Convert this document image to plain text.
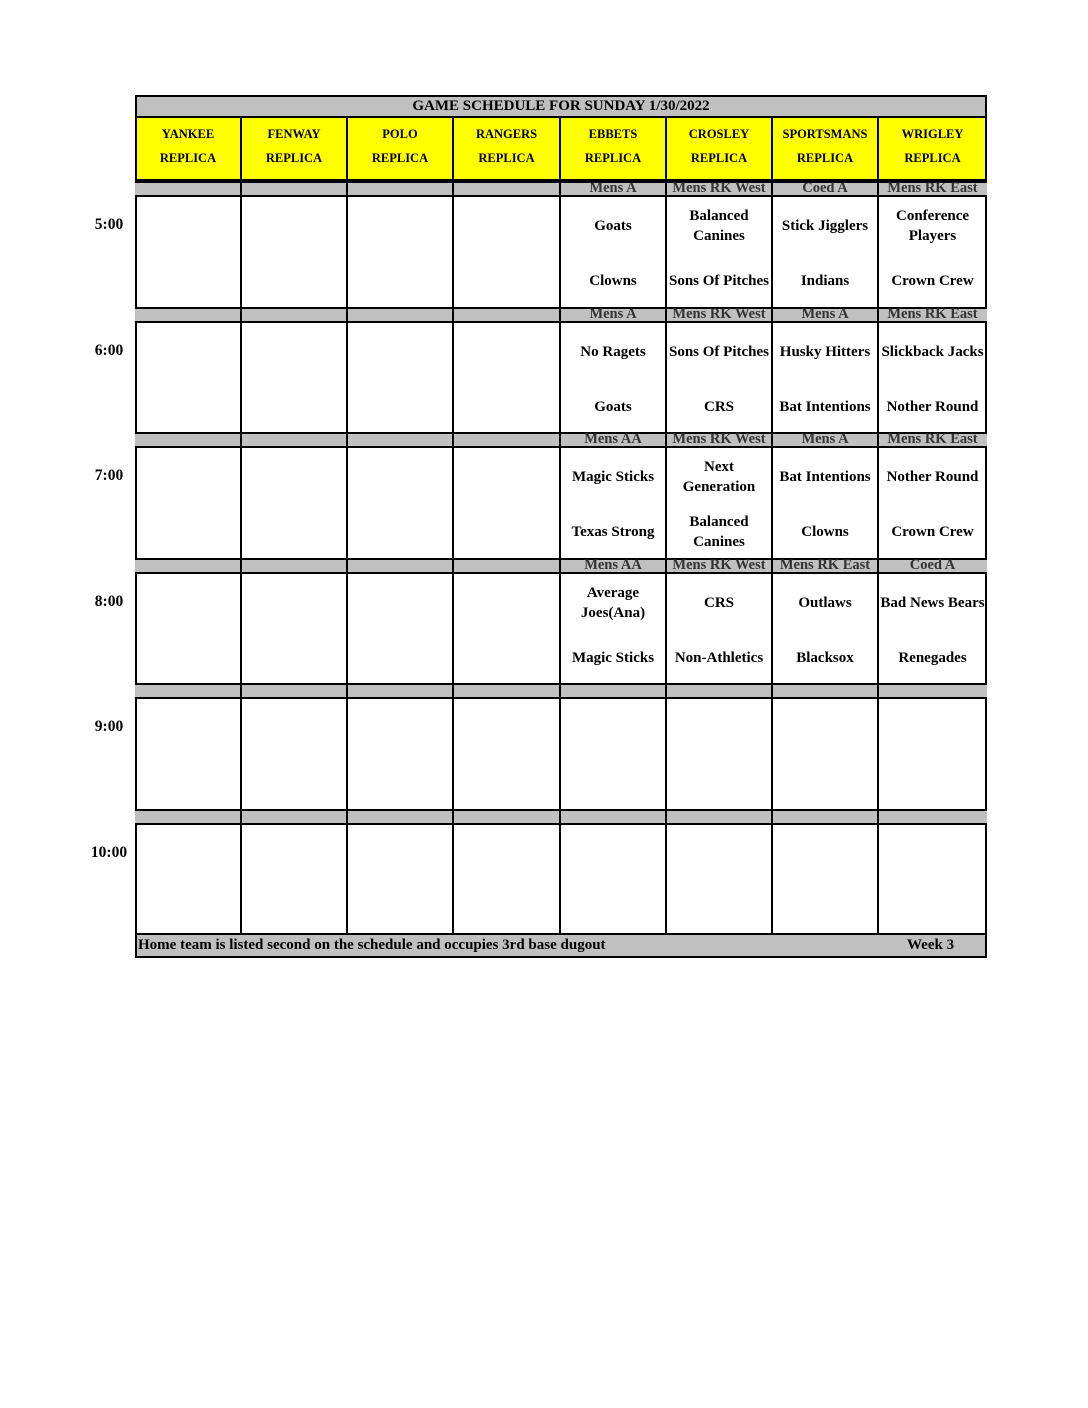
GAME SCHEDULE FOR SUNDAY 1/30/2022
YANKEE
REPLICA
FENWAY
REPLICA
POLO
REPLICA
RANGERS
REPLICA
EBBETS
REPLICA
CROSLEY
REPLICA
SPORTSMANS
REPLICA
WRIGLEY
REPLICA
Home team is listed second on the schedule and occupies 3rd base dugout	Week 3
Mens A
Goats
Clowns
Mens RK West
Balanced Canines
Sons Of Pitches
Coed A
Stick Jigglers
Indians
Mens RK East
Conference Players
Crown Crew
Mens A
No Ragets
Goats
Mens RK West
Sons Of Pitches
CRS
Mens A
Husky Hitters
Bat Intentions
Mens RK East
Slickback Jacks
Nother Round
Mens AA
Magic Sticks
Texas Strong
Mens RK West
Next Generation
Balanced Canines
Mens A
Bat Intentions
Clowns
Mens RK East
Nother Round
Crown Crew
Mens AA
Average Joes(Ana)
Magic Sticks
Mens RK West
CRS
Non-Athletics
Mens RK East
Outlaws
Blacksox
Coed A
Bad News Bears
Renegades
5:00
6:00
7:00
8:00
9:00
10:00
